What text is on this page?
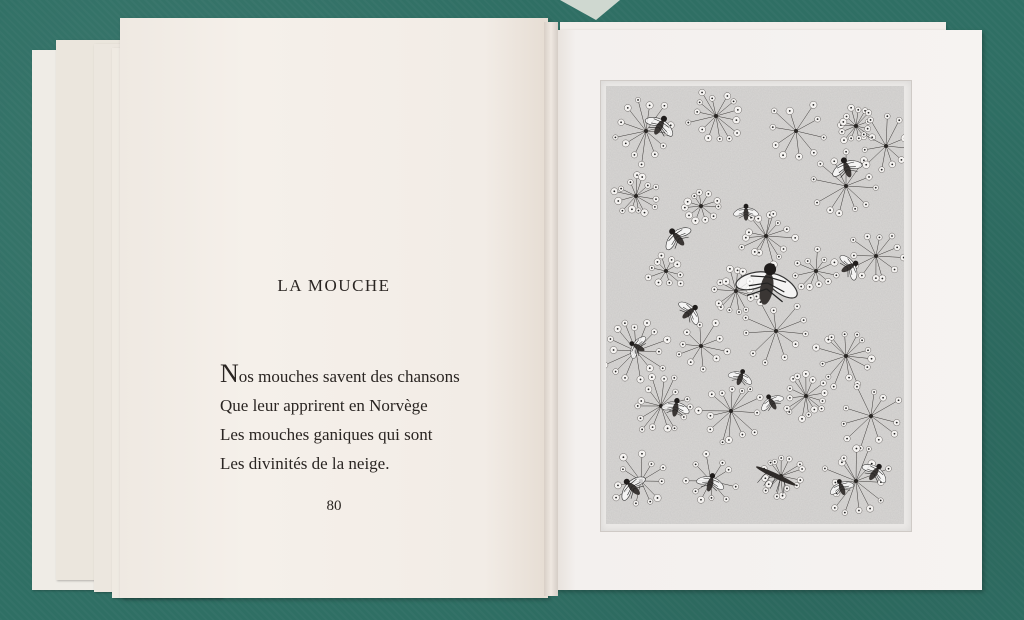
LA MOUCHE
Nos mouches savent des chansons
Que leur apprirent en Norvège
Les mouches ganiques qui sont
Les divinités de la neige.
80
